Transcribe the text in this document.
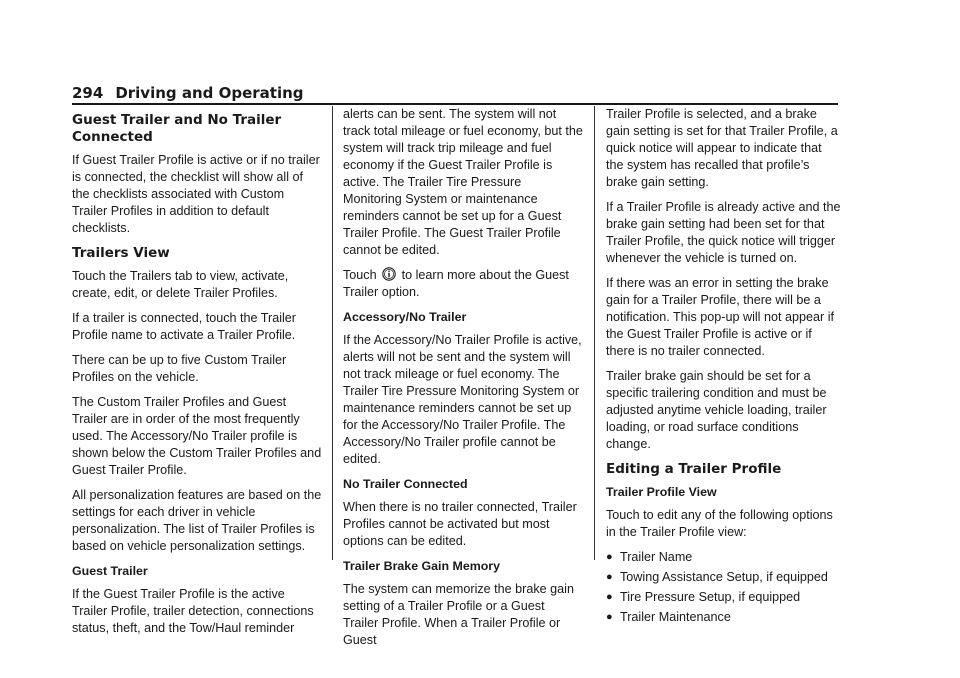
294 Driving and Operating
Guest Trailer and No Trailer Connected

If Guest Trailer Profile is active or if no trailer is connected, the checklist will show all of the checklists associated with Custom Trailer Profiles in addition to default checklists.

Trailers View

Touch the Trailers tab to view, activate, create, edit, or delete Trailer Profiles.

If a trailer is connected, touch the Trailer Profile name to activate a Trailer Profile.

There can be up to five Custom Trailer Profiles on the vehicle.

The Custom Trailer Profiles and Guest Trailer are in order of the most frequently used. The Accessory/No Trailer profile is shown below the Custom Trailer Profiles and Guest Trailer Profile.

All personalization features are based on the settings for each driver in vehicle personalization. The list of Trailer Profiles is based on vehicle personalization settings.

Guest Trailer

If the Guest Trailer Profile is the active Trailer Profile, trailer detection, connections status, theft, and the Tow/Haul reminder

alerts can be sent. The system will not track total mileage or fuel economy, but the system will track trip mileage and fuel economy if the Guest Trailer Profile is active. The Trailer Tire Pressure Monitoring System or maintenance reminders cannot be set up for a Guest Trailer Profile. The Guest Trailer Profile cannot be edited.

Touch to learn more about the Guest Trailer option.

Accessory/No Trailer

If the Accessory/No Trailer Profile is active, alerts will not be sent and the system will not track mileage or fuel economy. The Trailer Tire Pressure Monitoring System or maintenance reminders cannot be set up for the Accessory/No Trailer Profile. The Accessory/No Trailer profile cannot be edited.

No Trailer Connected

When there is no trailer connected, Trailer Profiles cannot be activated but most options can be edited.

Trailer Brake Gain Memory

The system can memorize the brake gain setting of a Trailer Profile or a Guest Trailer Profile. When a Trailer Profile or Guest

Trailer Profile is selected, and a brake gain setting is set for that Trailer Profile, a quick notice will appear to indicate that the system has recalled that profile’s brake gain setting.

If a Trailer Profile is already active and the brake gain setting had been set for that Trailer Profile, the quick notice will trigger whenever the vehicle is turned on.

If there was an error in setting the brake gain for a Trailer Profile, there will be a notification. This pop-up will not appear if the Guest Trailer Profile is active or if there is no trailer connected.

Trailer brake gain should be set for a specific trailering condition and must be adjusted anytime vehicle loading, trailer loading, or road surface conditions change.

Editing a Trailer Profile
Trailer Profile View

Touch to edit any of the following options in the Trailer Profile view:

● Trailer Name
● Towing Assistance Setup, if equipped
● Tire Pressure Setup, if equipped
● Trailer Maintenance
